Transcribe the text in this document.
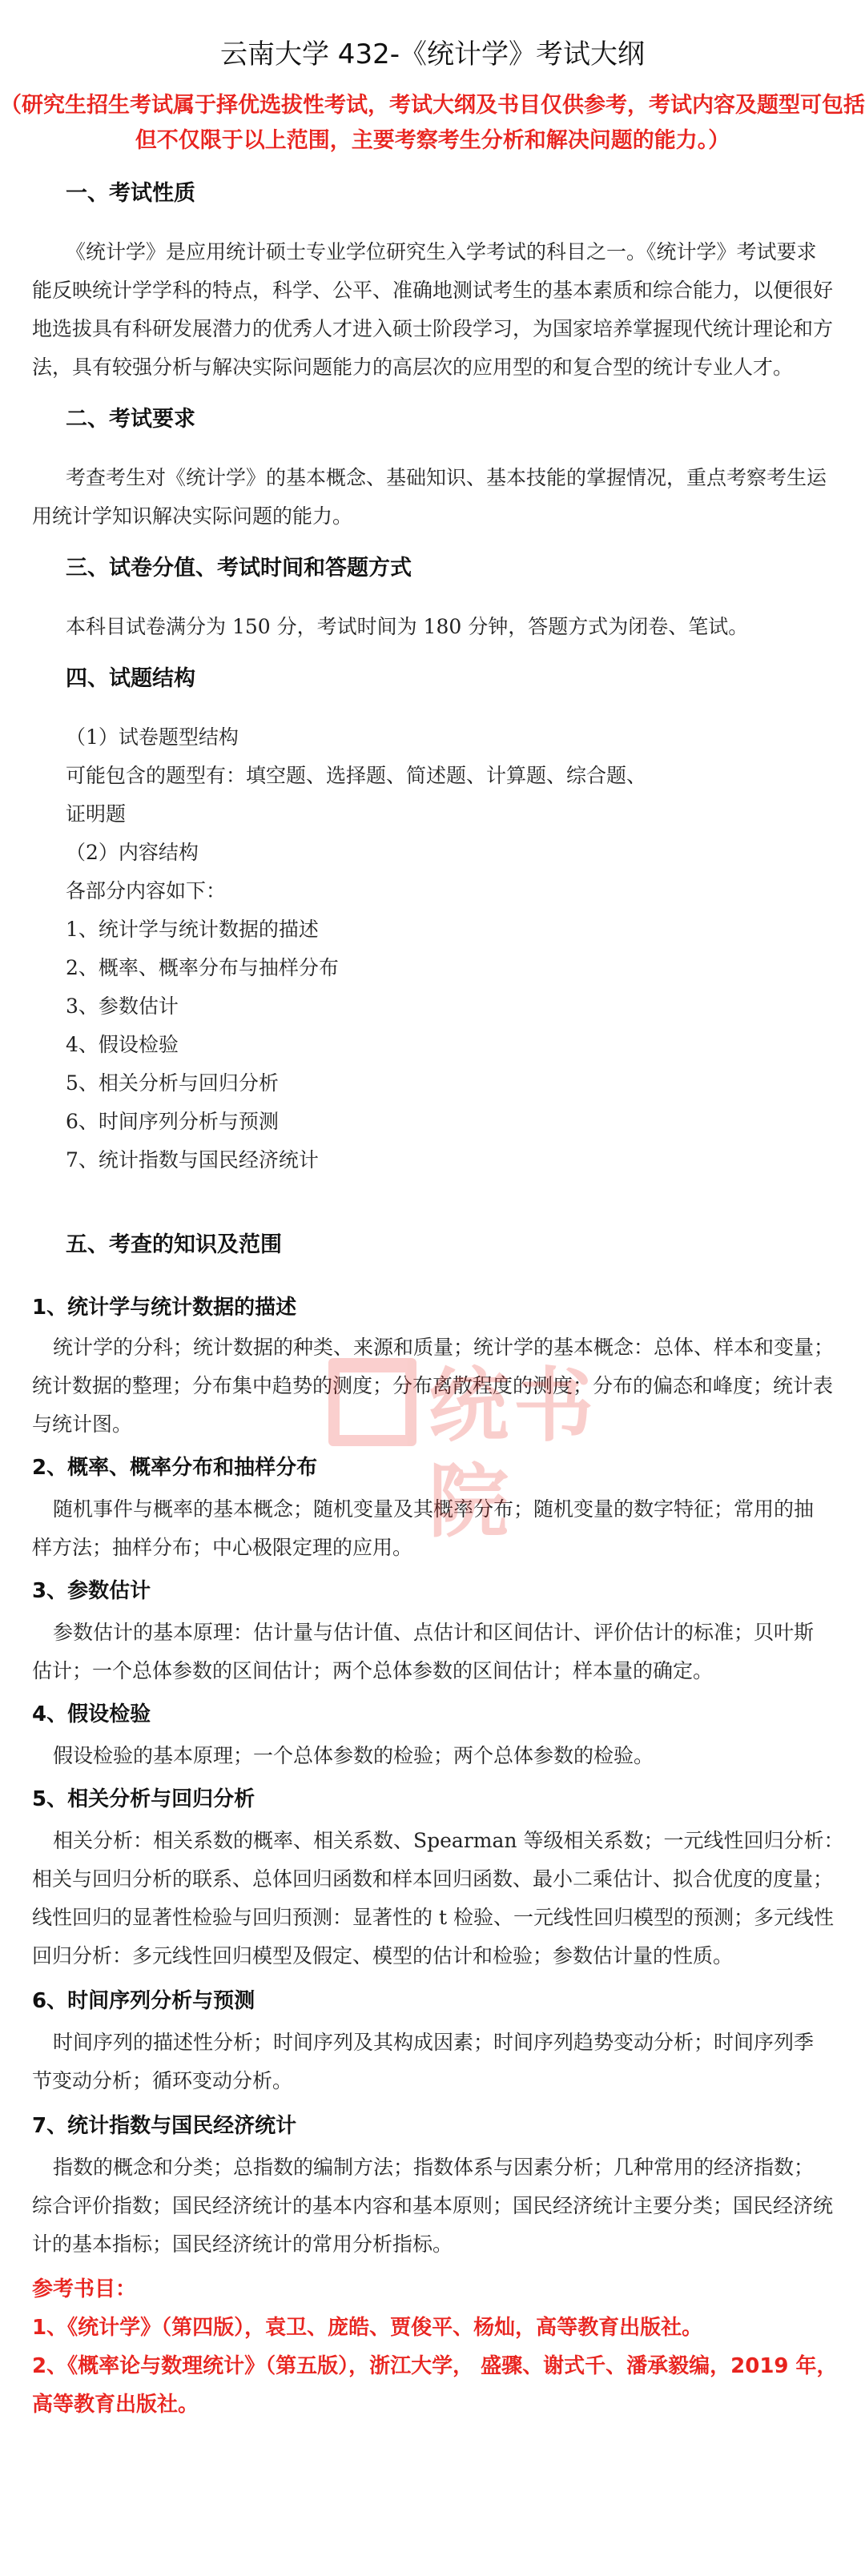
云南大学 432-《统计学》考试大纲
（研究生招生考试属于择优选拔性考试，考试大纲及书目仅供参考，考试内容及题型可包括
但不仅限于以上范围，主要考察考生分析和解决问题的能力。）
一、考试性质
《统计学》是应用统计硕士专业学位研究生入学考试的科目之一。《统计学》考试要求
能反映统计学学科的特点，科学、公平、准确地测试考生的基本素质和综合能力，以便很好
地选拔具有科研发展潜力的优秀人才进入硕士阶段学习，为国家培养掌握现代统计理论和方
法，具有较强分析与解决实际问题能力的高层次的应用型的和复合型的统计专业人才。
二、考试要求
考查考生对《统计学》的基本概念、基础知识、基本技能的掌握情况，重点考察考生运
用统计学知识解决实际问题的能力。
三、试卷分值、考试时间和答题方式
本科目试卷满分为 150 分，考试时间为 180 分钟，答题方式为闭卷、笔试。
四、试题结构
（1）试卷题型结构
可能包含的题型有：填空题、选择题、简述题、计算题、综合题、
证明题
（2）内容结构
各部分内容如下：
1、统计学与统计数据的描述
2、概率、概率分布与抽样分布
3、参数估计
4、假设检验
5、相关分析与回归分析
6、时间序列分析与预测
7、统计指数与国民经济统计
五、考查的知识及范围
1、统计学与统计数据的描述
统计学的分科；统计数据的种类、来源和质量；统计学的基本概念：总体、样本和变量；
统计数据的整理；分布集中趋势的测度；分布离散程度的测度；分布的偏态和峰度；统计表
与统计图。
2、概率、概率分布和抽样分布
随机事件与概率的基本概念；随机变量及其概率分布；随机变量的数字特征；常用的抽
样方法；抽样分布；中心极限定理的应用。
3、参数估计
参数估计的基本原理：估计量与估计值、点估计和区间估计、评价估计的标准；贝叶斯
估计；一个总体参数的区间估计；两个总体参数的区间估计；样本量的确定。
4、假设检验
假设检验的基本原理；一个总体参数的检验；两个总体参数的检验。
5、相关分析与回归分析
相关分析：相关系数的概率、相关系数、Spearman 等级相关系数；一元线性回归分析：
相关与回归分析的联系、总体回归函数和样本回归函数、最小二乘估计、拟合优度的度量；
线性回归的显著性检验与回归预测：显著性的 t 检验、一元线性回归模型的预测；多元线性
回归分析：多元线性回归模型及假定、模型的估计和检验；参数估计量的性质。
6、时间序列分析与预测
时间序列的描述性分析；时间序列及其构成因素；时间序列趋势变动分析；时间序列季
节变动分析；循环变动分析。
7、统计指数与国民经济统计
指数的概念和分类；总指数的编制方法；指数体系与因素分析；几种常用的经济指数；
综合评价指数；国民经济统计的基本内容和基本原则；国民经济统计主要分类；国民经济统
计的基本指标；国民经济统计的常用分析指标。
参考书目：
1、《统计学》（第四版），袁卫、庞皓、贾俊平、杨灿，高等教育出版社。
2、《概率论与数理统计》（第五版），浙江大学， 盛骤、谢式千、潘承毅编，2019 年，
高等教育出版社。
统书院
